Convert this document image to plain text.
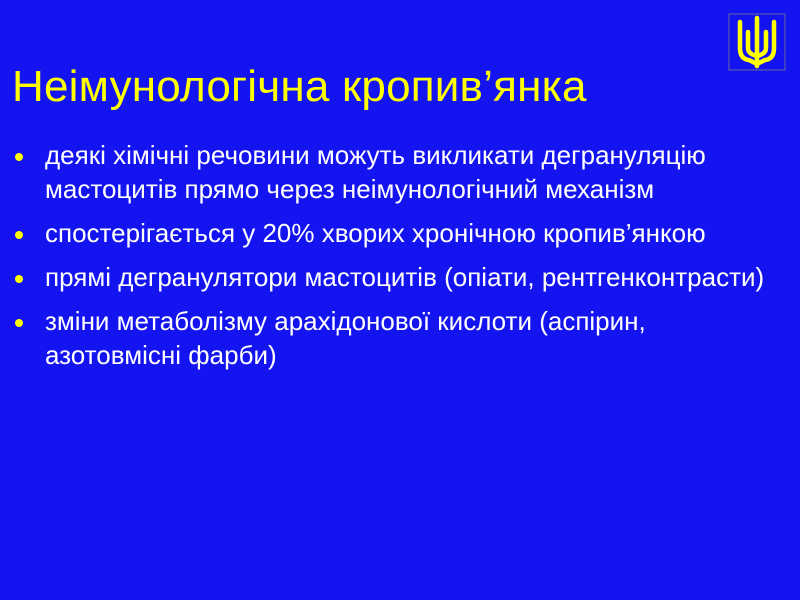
Неімунологічна кропив’янка
деякі хімічні речовини можуть викликати дегрануляцію мастоцитів прямо через неімунологічний механізм
спостерігається у 20% хворих хронічною кропив’янкою
прямі дегранулятори мастоцитів (опіати, рентгенконтрасти)
зміни метаболізму арахідонової кислоти (аспірин, азотовмісні фарби)
